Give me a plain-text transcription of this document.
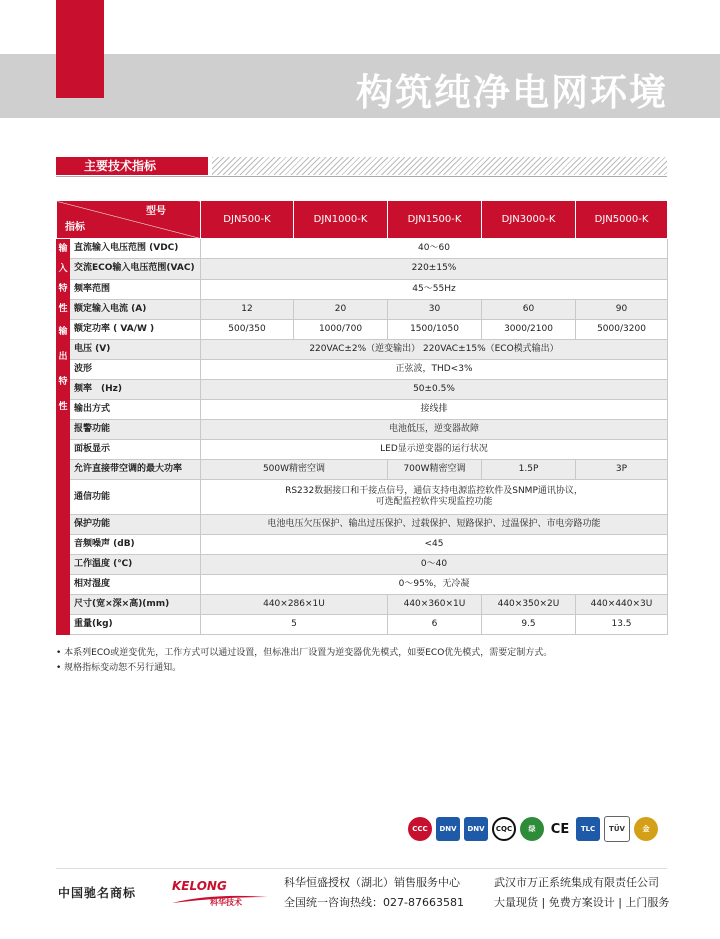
构筑纯净电网环境
主要技术指标
型号
指标		DJN500-K	DJN1000-K	DJN1500-K	DJN3000-K	DJN5000-K

输
入
特
性	直流输入电压范围 (VDC)	40～60				
	交流ECO输入电压范围(VAC)	220±15%				
	频率范围	45～55Hz				
	额定输入电流 (A)	12	20	30	60	90

输
出
特
性	额定功率 ( VA/W )	500/350	1000/700	1500/1050	3000/2100	5000/3200
	电压 (V)	220VAC±2%（逆变输出） 220VAC±15%（ECO模式输出）				
	波形	正弦波，THD<3%				
	频率　(Hz)	50±0.5%				
	输出方式	接线排				
	报警功能	电池低压，逆变器故障				
	面板显示	LED显示逆变器的运行状况				
	允许直接带空调的最大功率	500W精密空调		700W精密空调	1.5P	3P
	通信功能	RS232数据接口和干接点信号，通信支持电源监控软件及SNMP通讯协议，
可选配监控软件实现监控功能				

	保护功能	电池电压欠压保护、输出过压保护、过载保护、短路保护、过温保护、市电旁路功能				
	音频噪声 (dB)	<45				
	工作温度 (℃)	0～40				
	相对湿度	0～95%，无冷凝				
	尺寸(宽×深×高)(mm)	440×286×1U		440×360×1U	440×350×2U	440×440×3U
	重量(kg)	5		6	9.5	13.5
• 本系列ECO或逆变优先，工作方式可以通过设置，但标准出厂设置为逆变器优先模式，如要ECO优先模式，需要定制方式。
• 规格指标变动恕不另行通知。
CCC	DNV	DNV	CQC	绿	CE	TLC	TÜV	金
中国驰名商标	KELONG
科华技术
科华恒盛授权（湖北）销售服务中心
全国统一咨询热线：027-87663581
武汉市万正系统集成有限责任公司
大量现货 | 免费方案设计 | 上门服务
